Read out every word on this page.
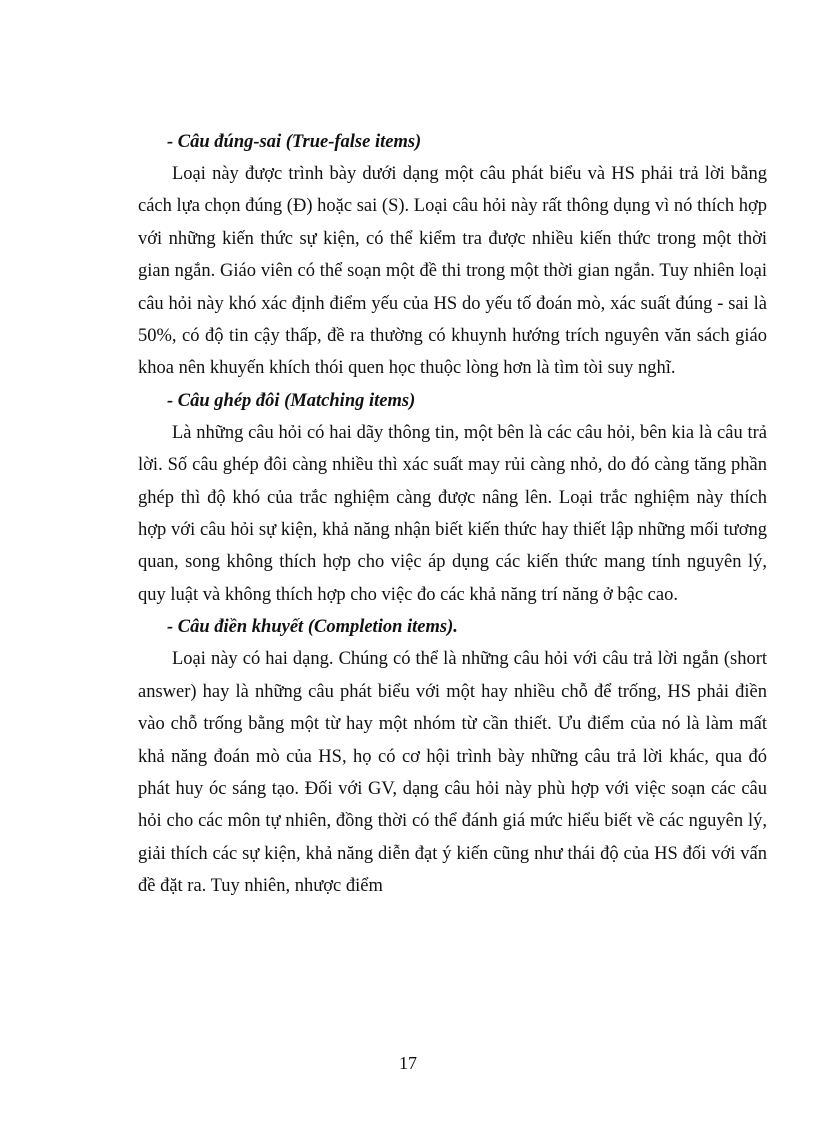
- Câu đúng-sai (True-false items)

Loại này được trình bày dưới dạng một câu phát biểu và HS phải trả lời bằng cách lựa chọn đúng (Đ) hoặc sai (S). Loại câu hỏi này rất thông dụng vì nó thích hợp với những kiến thức sự kiện, có thể kiểm tra được nhiều kiến thức trong một thời gian ngắn. Giáo viên có thể soạn một đề thi trong một thời gian ngắn. Tuy nhiên loại câu hỏi này khó xác định điểm yếu của HS do yếu tố đoán mò, xác suất đúng - sai là 50%, có độ tin cậy thấp, đề ra thường có khuynh hướng trích nguyên văn sách giáo khoa nên khuyến khích thói quen học thuộc lòng hơn là tìm tòi suy nghĩ.

- Câu ghép đôi (Matching items)

Là những câu hỏi có hai dãy thông tin, một bên là các câu hỏi, bên kia là câu trả lời. Số câu ghép đôi càng nhiều thì xác suất may rủi càng nhỏ, do đó càng tăng phần ghép thì độ khó của trắc nghiệm càng được nâng lên. Loại trắc nghiệm này thích hợp với câu hỏi sự kiện, khả năng nhận biết kiến thức hay thiết lập những mối tương quan, song không thích hợp cho việc áp dụng các kiến thức mang tính nguyên lý, quy luật và không thích hợp cho việc đo các khả năng trí năng ở bậc cao.

- Câu điền khuyết (Completion items).

Loại này có hai dạng. Chúng có thể là những câu hỏi với câu trả lời ngắn (short answer) hay là những câu phát biểu với một hay nhiều chỗ để trống, HS phải điền vào chỗ trống bằng một từ hay một nhóm từ cần thiết. Ưu điểm của nó là làm mất khả năng đoán mò của HS, họ có cơ hội trình bày những câu trả lời khác, qua đó phát huy óc sáng tạo. Đối với GV, dạng câu hỏi này phù hợp với việc soạn các câu hỏi cho các môn tự nhiên, đồng thời có thể đánh giá mức hiểu biết về các nguyên lý, giải thích các sự kiện, khả năng diễn đạt ý kiến cũng như thái độ của HS đối với vấn đề đặt ra. Tuy nhiên, nhược điểm

17
